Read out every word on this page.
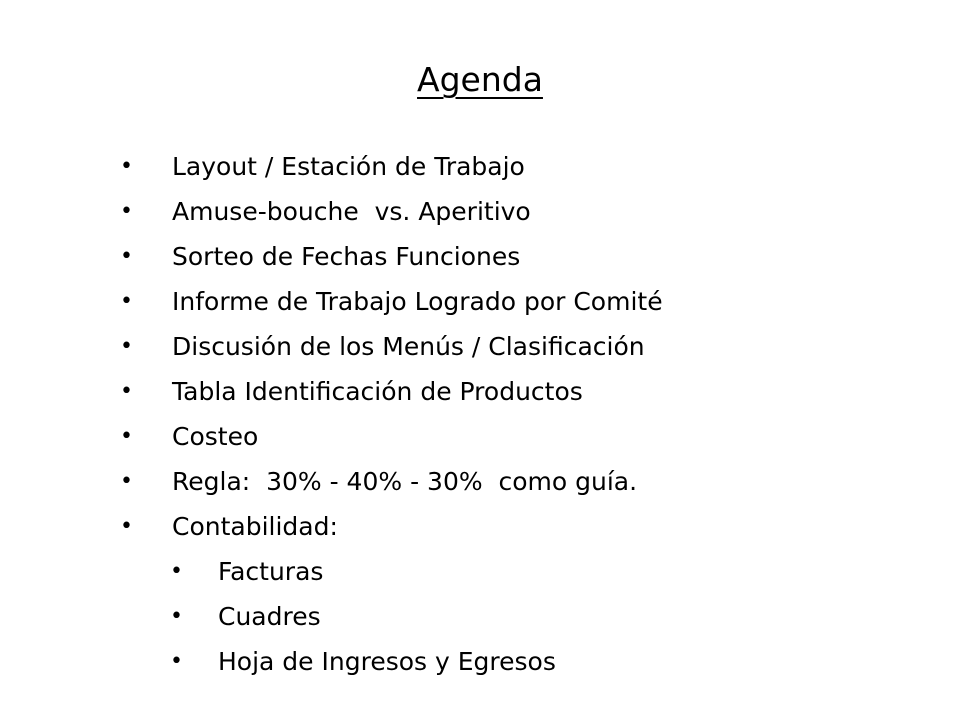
Agenda
• Layout / Estación de Trabajo
• Amuse-bouche  vs. Aperitivo
• Sorteo de Fechas Funciones
• Informe de Trabajo Logrado por Comité
• Discusión de los Menús / Clasificación
• Tabla Identificación de Productos
• Costeo
• Regla:  30% - 40% - 30%  como guía.
• Contabilidad:
• Facturas
• Cuadres
• Hoja de Ingresos y Egresos
